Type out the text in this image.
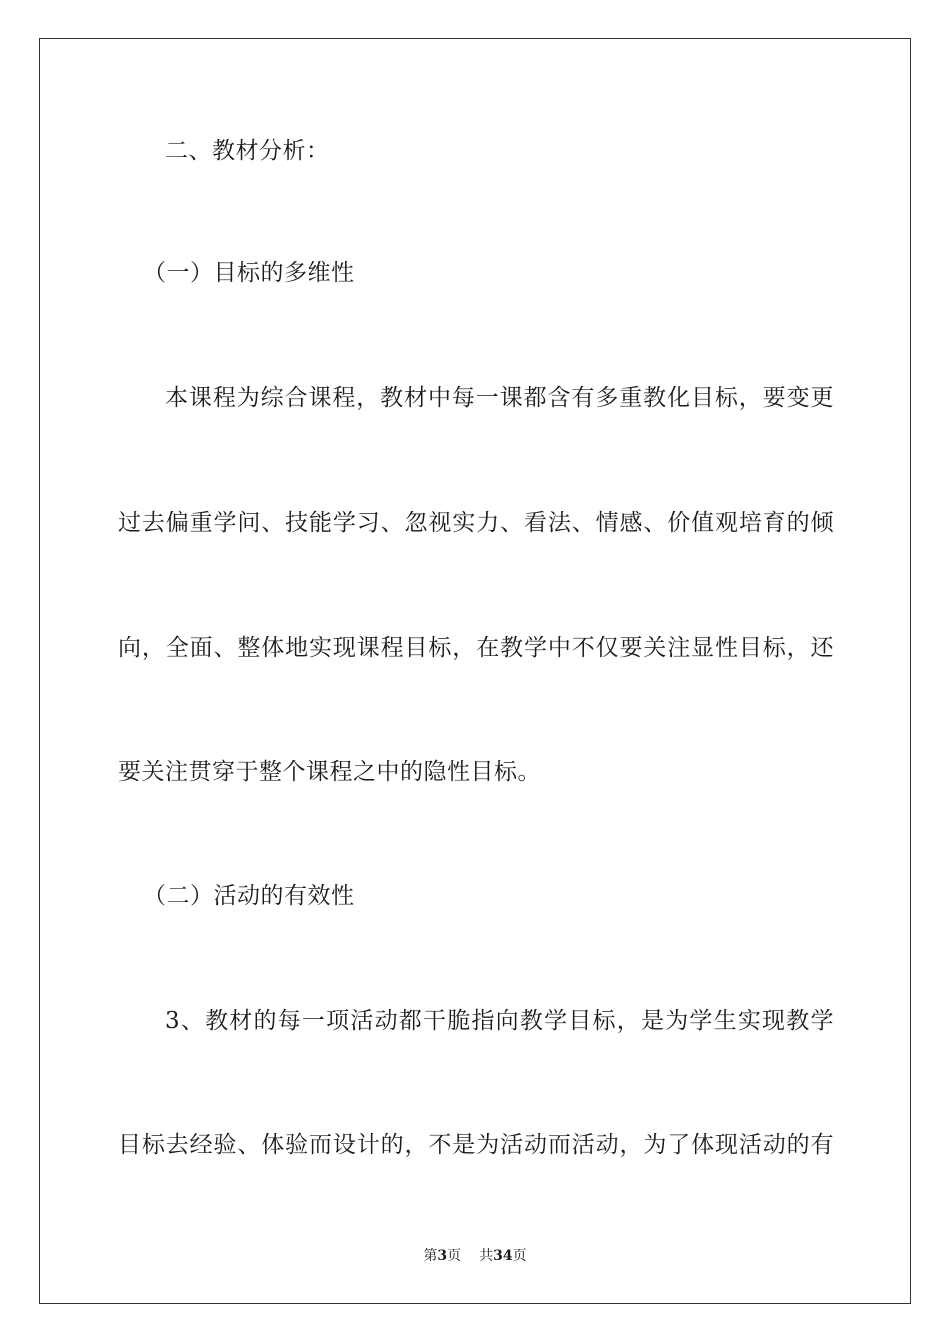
二、教材分析：
（一）目标的多维性
本课程为综合课程，教材中每一课都含有多重教化目标，要变更
过去偏重学问、技能学习、忽视实力、看法、情感、价值观培育的倾
向，全面、整体地实现课程目标，在教学中不仅要关注显性目标，还
要关注贯穿于整个课程之中的隐性目标。
（二）活动的有效性
3、教材的每一项活动都干脆指向教学目标，是为学生实现教学
目标去经验、体验而设计的，不是为活动而活动，为了体现活动的有
第3页 共34页
